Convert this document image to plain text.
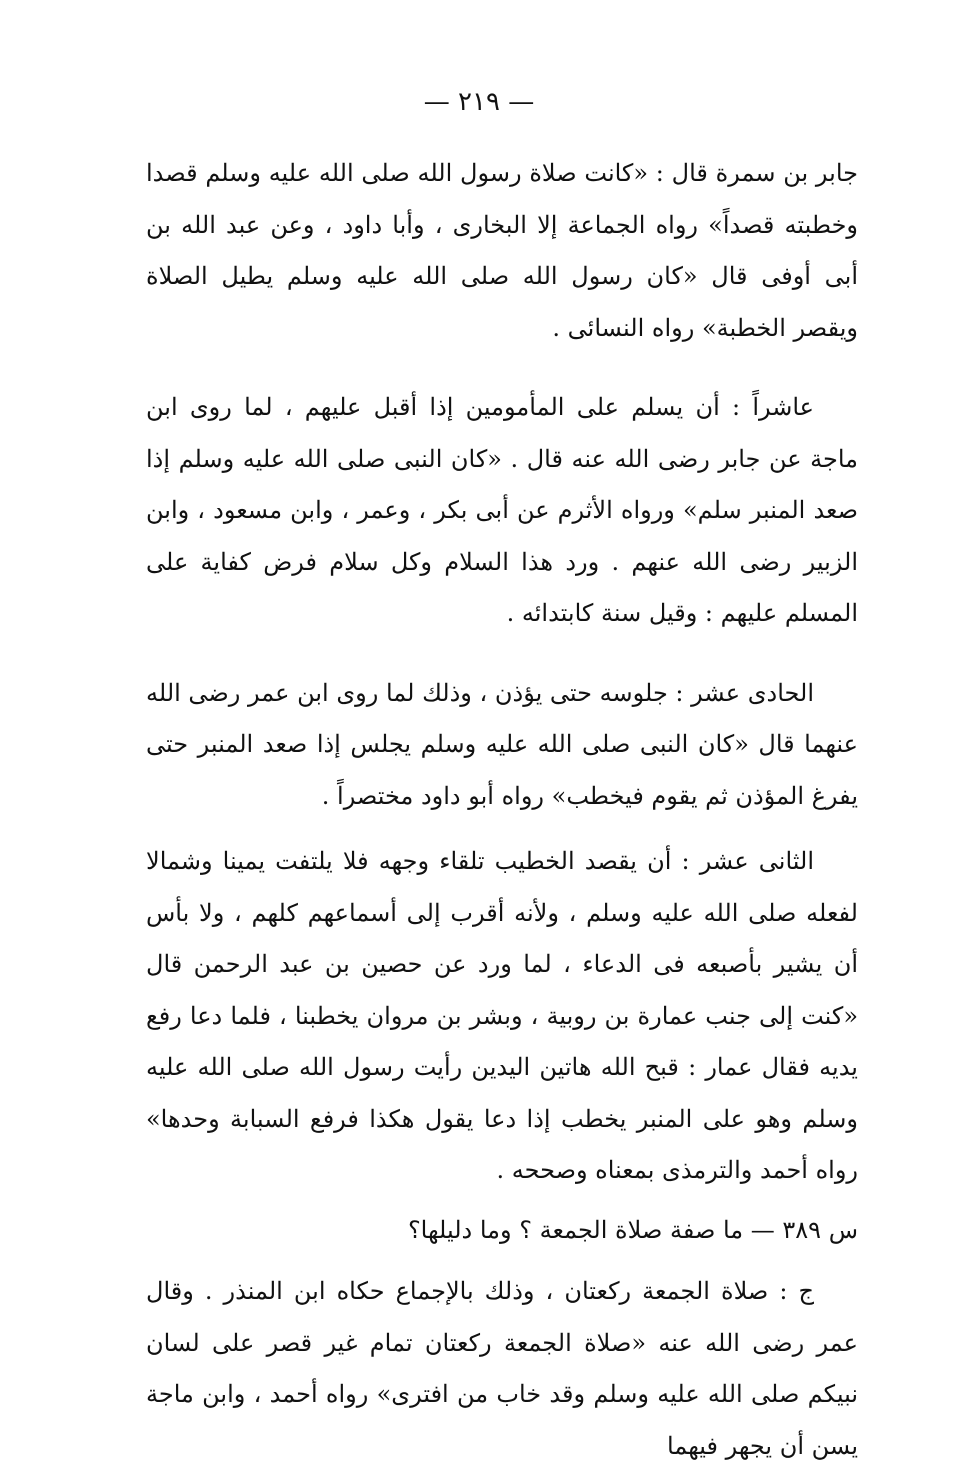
— ٢١٩ —

جابر بن سمرة قال : «كانت صلاة رسول الله صلى الله عليه وسلم قصدا وخطبته قصداً» رواه الجماعة إلا البخارى ، وأبا داود ، وعن عبد الله بن أبى أوفى قال «كان رسول الله صلى الله عليه وسلم يطيل الصلاة ويقصر الخطبة» رواه النسائى .

عاشراً : أن يسلم على المأمومين إذا أقبل عليهم ، لما روى ابن ماجة عن جابر رضى الله عنه قال . «كان النبى صلى الله عليه وسلم إذا صعد المنبر سلم» ورواه الأثرم عن أبى بكر ، وعمر ، وابن مسعود ، وابن الزبير رضى الله عنهم . ورد هذا السلام وكل سلام فرض كفاية على المسلم عليهم : وقيل سنة كابتدائه .

الحادى عشر : جلوسه حتى يؤذن ، وذلك لما روى ابن عمر رضى الله عنهما قال «كان النبى صلى الله عليه وسلم يجلس إذا صعد المنبر حتى يفرغ المؤذن ثم يقوم فيخطب» رواه أبو داود مختصراً .

الثانى عشر : أن يقصد الخطيب تلقاء وجهه فلا يلتفت يمينا وشمالا لفعله صلى الله عليه وسلم ، ولأنه أقرب إلى أسماعهم كلهم ، ولا بأس أن يشير بأصبعه فى الدعاء ، لما ورد عن حصين بن عبد الرحمن قال «كنت إلى جنب عمارة بن روبية ، وبشر بن مروان يخطبنا ، فلما دعا رفع يديه فقال عمار : قبح الله هاتين اليدين رأيت رسول الله صلى الله عليه وسلم وهو على المنبر يخطب إذا دعا يقول هكذا فرفع السبابة وحدها» رواه أحمد والترمذى بمعناه وصححه .

س ٣٨٩ — ما صفة صلاة الجمعة ؟ وما دليلها؟

ج : صلاة الجمعة ركعتان ، وذلك بالإجماع حكاه ابن المنذر . وقال عمر رضى الله عنه «صلاة الجمعة ركعتان تمام غير قصر على لسان نبيكم صلى الله عليه وسلم وقد خاب من افترى» رواه أحمد ، وابن ماجة يسن أن يجهر فيهما
